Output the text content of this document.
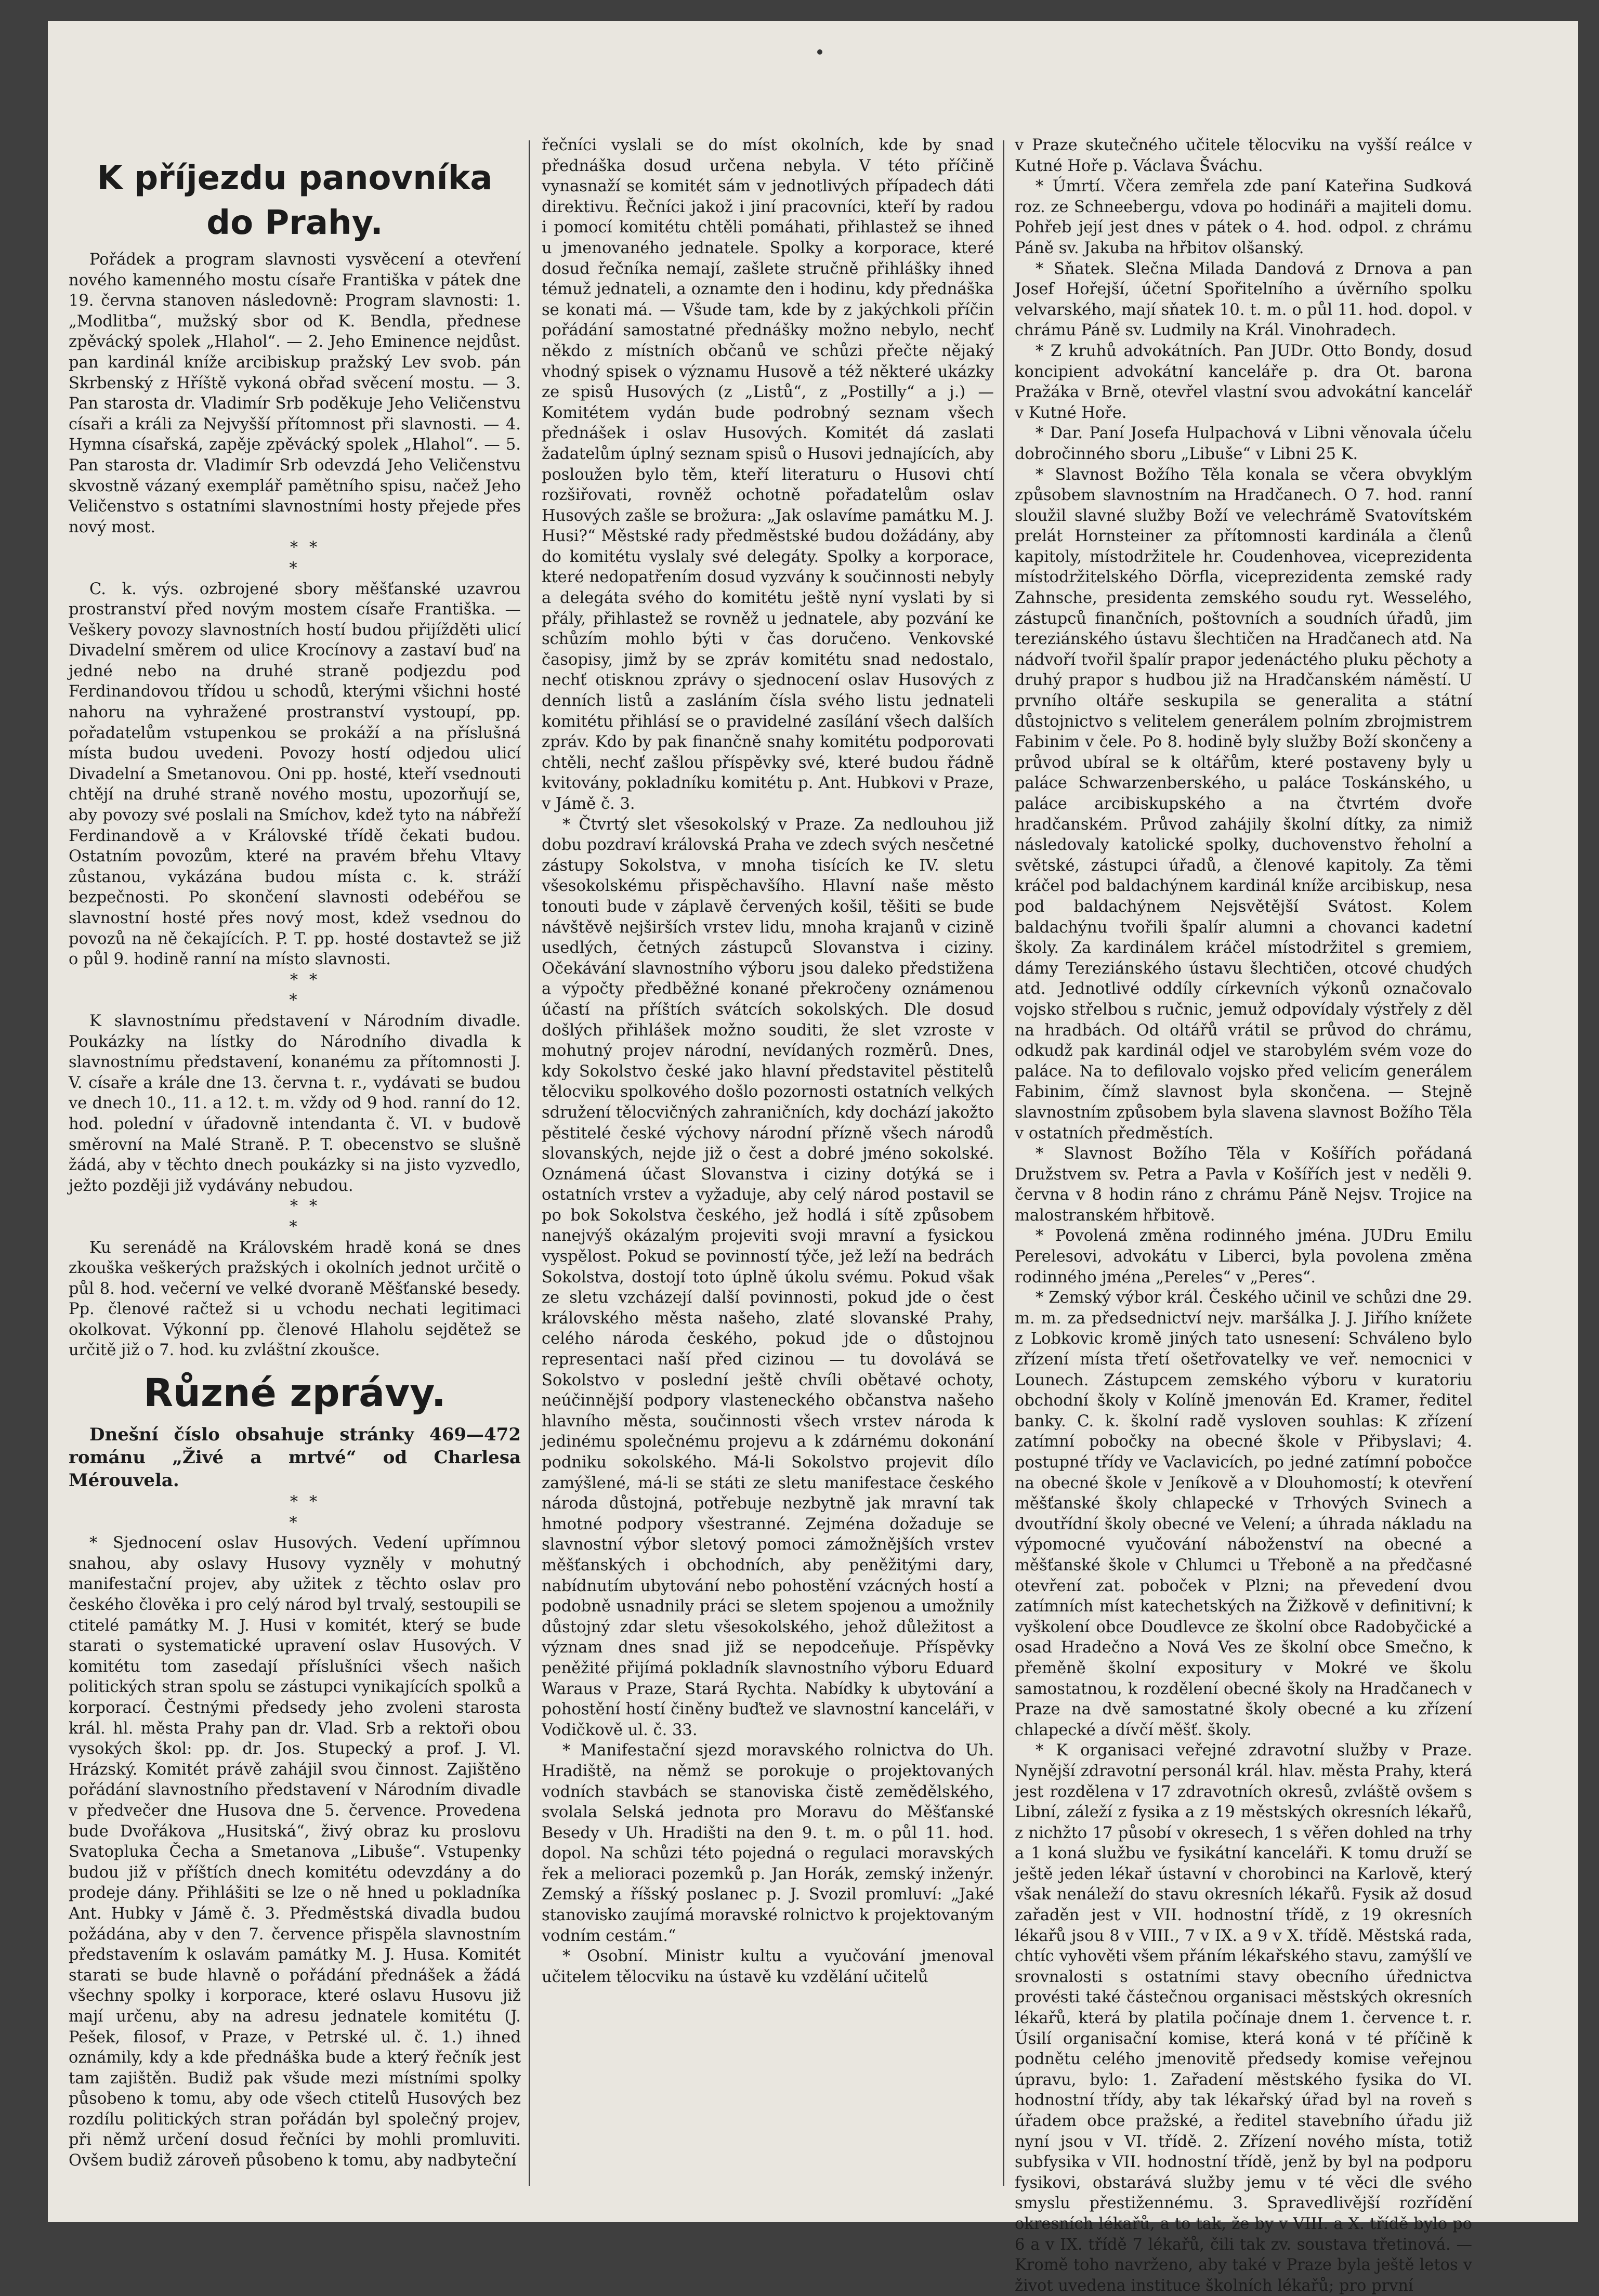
K příjezdu panovníka do Prahy.

Pořádek a program slavnosti vysvěcení a otevření nového kamenného mostu císaře Františka v pátek dne 19. června stanoven následovně: Program slavnosti: 1. „Modlitba“, mužský sbor od K. Bendla, přednese zpěvácký spolek „Hlahol“. — 2. Jeho Eminence nejdůst. pan kardinál kníže arcibiskup pražský Lev svob. pán Skrbenský z Hříště vykoná obřad svěcení mostu. — 3. Pan starosta dr. Vladimír Srb poděkuje Jeho Veličenstvu císaři a králi za Nejvyšší přítomnost při slavnosti. — 4. Hymna císařská, zapěje zpěvácký spolek „Hlahol“. — 5. Pan starosta dr. Vladimír Srb odevzdá Jeho Veličenstvu skvostně vázaný exemplář pamětního spisu, načež Jeho Veličenstvo s ostatními slavnostními hosty přejede přes nový most.

* *
*

C. k. výs. ozbrojené sbory měšťanské uzavrou prostranství před novým mostem císaře Františka. — Veškery povozy slavnostních hostí budou přijížděti ulicí Divadelní směrem od ulice Krocínovy a zastaví buď na jedné nebo na druhé straně podjezdu pod Ferdinandovou třídou u schodů, kterými všichni hosté nahoru na vyhražené prostranství vystoupí, pp. pořadatelům vstupenkou se prokáží a na příslušná místa budou uvedeni. Povozy hostí odjedou ulicí Divadelní a Smetanovou. Oni pp. hosté, kteří vsednouti chtějí na druhé straně nového mostu, upozorňují se, aby povozy své poslali na Smíchov, kdež tyto na nábřeží Ferdinandově a v Královské třídě čekati budou. Ostatním povozům, které na pravém břehu Vltavy zůstanou, vykázána budou místa c. k. stráží bezpečnosti. Po skončení slavnosti odebéřou se slavnostní hosté přes nový most, kdež vsednou do povozů na ně čekajících. P. T. pp. hosté dostavtež se již o půl 9. hodině ranní na místo slavnosti.

* *
*

K slavnostnímu představení v Národním divadle. Poukázky na lístky do Národního divadla k slavnostnímu představení, konanému za přítomnosti J. V. císaře a krále dne 13. června t. r., vydávati se budou ve dnech 10., 11. a 12. t. m. vždy od 9 hod. ranní do 12. hod. polední v úřadovně intendanta č. VI. v budově směrovní na Malé Straně. P. T. obecenstvo se slušně žádá, aby v těchto dnech poukázky si na jisto vyzvedlo, ježto později již vydávány nebudou.

* *
*

Ku serenádě na Královském hradě koná se dnes zkouška veškerých pražských i okolních jednot určitě o půl 8. hod. večerní ve velké dvoraně Měšťanské besedy. Pp. členové račtež si u vchodu nechati legitimaci okolkovat. Výkonní pp. členové Hlaholu sejdětež se určitě již o 7. hod. ku zvláštní zkoušce.

Různé zprávy.

Dnešní číslo obsahuje stránky 469—472 románu „Živé a mrtvé“ od Charlesa Mérouvela.

* *
*

* Sjednocení oslav Husových. Vedení upřímnou snahou, aby oslavy Husovy vyzněly v mohutný manifestační projev, aby užitek z těchto oslav pro českého člověka i pro celý národ byl trvalý, sestoupili se ctitelé památky M. J. Husi v komitét, který se bude starati o systematické upravení oslav Husových. V komitétu tom zasedají příslušníci všech našich politických stran spolu se zástupci vynikajících spolků a korporací. Čestnými předsedy jeho zvoleni starosta král. hl. města Prahy pan dr. Vlad. Srb a rektoři obou vysokých škol: pp. dr. Jos. Stupecký a prof. J. Vl. Hrázský. Komitét právě zahájil svou činnost. Zajištěno pořádání slavnostního představení v Národním divadle v předvečer dne Husova dne 5. července. Provedena bude Dvořákova „Husitská“, živý obraz ku proslovu Svatopluka Čecha a Smetanova „Libuše“. Vstupenky budou již v příštích dnech komitétu odevzdány a do prodeje dány. Přihlášiti se lze o ně hned u pokladníka Ant. Hubky v Jámě č. 3. Předměstská divadla budou požádána, aby v den 7. července přispěla slavnostním představením k oslavám památky M. J. Husa. Komitét starati se bude hlavně o pořádání přednášek a žádá všechny spolky i korporace, které oslavu Husovu již mají určenu, aby na adresu jednatele komitétu (J. Pešek, filosof, v Praze, v Petrské ul. č. 1.) ihned oznámily, kdy a kde přednáška bude a který řečník jest tam zajištěn. Budiž pak všude mezi místními spolky působeno k tomu, aby ode všech ctitelů Husových bez rozdílu politických stran pořádán byl společný projev, při němž určení dosud řečníci by mohli promluviti. Ovšem budiž zároveň působeno k tomu, aby nadbyteční

řečníci vyslali se do míst okolních, kde by snad přednáška dosud určena nebyla. V této příčině vynasnaží se komitét sám v jednotlivých případech dáti direktivu. Řečníci jakož i jiní pracovníci, kteří by radou i pomocí komitétu chtěli pomáhati, přihlastež se ihned u jmenovaného jednatele. Spolky a korporace, které dosud řečníka nemají, zašlete stručně přihlášky ihned témuž jednateli, a oznamte den i hodinu, kdy přednáška se konati má. — Všude tam, kde by z jakýchkoli příčin pořádání samostatné přednášky možno nebylo, nechť někdo z místních občanů ve schůzi přečte nějaký vhodný spisek o významu Husově a též některé ukázky ze spisů Husových (z „Listů“, z „Postilly“ a j.) — Komitétem vydán bude podrobný seznam všech přednášek i oslav Husových. Komitét dá zaslati žadatelům úplný seznam spisů o Husovi jednajících, aby posloužen bylo těm, kteří literaturu o Husovi chtí rozšiřovati, rovněž ochotně pořadatelům oslav Husových zašle se brožura: „Jak oslavíme památku M. J. Husi?“ Městské rady předměstské budou dožádány, aby do komitétu vyslaly své delegáty. Spolky a korporace, které nedopatřením dosud vyzvány k součinnosti nebyly a delegáta svého do komitétu ještě nyní vyslati by si přály, přihlastež se rovněž u jednatele, aby pozvání ke schůzím mohlo býti v čas doručeno. Venkovské časopisy, jimž by se zpráv komitétu snad nedostalo, nechť otisknou zprávy o sjednocení oslav Husových z denních listů a zasláním čísla svého listu jednateli komitétu přihlásí se o pravidelné zasílání všech dalších zpráv. Kdo by pak finančně snahy komitétu podporovati chtěli, nechť zašlou příspěvky své, které budou řádně kvitovány, pokladníku komitétu p. Ant. Hubkovi v Praze, v Jámě č. 3.

* Čtvrtý slet všesokolský v Praze. Za nedlouhou již dobu pozdraví královská Praha ve zdech svých nesčetné zástupy Sokolstva, v mnoha tisících ke IV. sletu všesokolskému přispěchavšího. Hlavní naše město tonouti bude v záplavě červených košil, těšiti se bude návštěvě nejširších vrstev lidu, mnoha krajanů v cizině usedlých, četných zástupců Slovanstva i ciziny. Očekávání slavnostního výboru jsou daleko předstižena a výpočty předběžné konané překročeny oznámenou účastí na příštích svátcích sokolských. Dle dosud došlých přihlášek možno souditi, že slet vzroste v mohutný projev národní, nevídaných rozměrů. Dnes, kdy Sokolstvo české jako hlavní představitel pěstitelů tělocviku spolkového došlo pozornosti ostatních velkých sdružení tělocvičných zahraničních, kdy dochází jakožto pěstitelé české výchovy národní přízně všech národů slovanských, nejde již o čest a dobré jméno sokolské. Oznámená účast Slovanstva i ciziny dotýká se i ostatních vrstev a vyžaduje, aby celý národ postavil se po bok Sokolstva českého, jež hodlá i sítě způsobem nanejvýš okázalým projeviti svoji mravní a fysickou vyspělost. Pokud se povinností týče, jež leží na bedrách Sokolstva, dostojí toto úplně úkolu svému. Pokud však ze sletu vzcházejí další povinnosti, pokud jde o čest královského města našeho, zlaté slovanské Prahy, celého národa českého, pokud jde o důstojnou representaci naší před cizinou — tu dovolává se Sokolstvo v poslední ještě chvíli obětavé ochoty, neúčinnější podpory vlasteneckého občanstva našeho hlavního města, součinnosti všech vrstev národa k jedinému společnému projevu a k zdárnému dokonání podniku sokolského. Má-li Sokolstvo projevit dílo zamýšlené, má-li se státi ze sletu manifestace českého národa důstojná, potřebuje nezbytně jak mravní tak hmotné podpory všestranné. Zejména dožaduje se slavnostní výbor sletový pomoci zámožnějších vrstev měšťanských i obchodních, aby peněžitými dary, nabídnutím ubytování nebo pohostění vzácných hostí a podobně usnadnily práci se sletem spojenou a umožnily důstojný zdar sletu všesokolského, jehož důležitost a význam dnes snad již se nepodceňuje. Příspěvky peněžité přijímá pokladník slavnostního výboru Eduard Waraus v Praze, Stará Rychta. Nabídky k ubytování a pohostění hostí činěny buďtež ve slavnostní kanceláři, v Vodičkově ul. č. 33.

* Manifestační sjezd moravského rolnictva do Uh. Hradiště, na němž se porokuje o projektovaných vodních stavbách se stanoviska čistě zemědělského, svolala Selská jednota pro Moravu do Měšťanské Besedy v Uh. Hradišti na den 9. t. m. o půl 11. hod. dopol. Na schůzi této pojedná o regulaci moravských řek a melioraci pozemků p. Jan Horák, zemský inženýr. Zemský a říšský poslanec p. J. Svozil promluví: „Jaké stanovisko zaujímá moravské rolnictvo k projektovaným vodním cestám.“

* Osobní. Ministr kultu a vyučování jmenoval učitelem tělocviku na ústavě ku vzdělání učitelů

v Praze skutečného učitele tělocviku na vyšší reálce v Kutné Hoře p. Václava Šváchu.

* Úmrtí. Včera zemřela zde paní Kateřina Sudková roz. ze Schneebergu, vdova po hodináři a majiteli domu. Pohřeb její jest dnes v pátek o 4. hod. odpol. z chrámu Páně sv. Jakuba na hřbitov olšanský.

* Sňatek. Slečna Milada Dandová z Drnova a pan Josef Hořejší, účetní Spořitelního a úvěrního spolku velvarského, mají sňatek 10. t. m. o půl 11. hod. dopol. v chrámu Páně sv. Ludmily na Král. Vinohradech.

* Z kruhů advokátních. Pan JUDr. Otto Bondy, dosud koncipient advokátní kanceláře p. dra Ot. barona Pražáka v Brně, otevřel vlastní svou advokátní kancelář v Kutné Hoře.

* Dar. Paní Josefa Hulpachová v Libni věnovala účelu dobročinného sboru „Libuše“ v Libni 25 K.

* Slavnost Božího Těla konala se včera obvyklým způsobem slavnostním na Hradčanech. O 7. hod. ranní sloužil slavné služby Boží ve velechrámě Svatovítském prelát Hornsteiner za přítomnosti kardinála a členů kapitoly, místodržitele hr. Coudenhovea, viceprezidenta místodržitelského Dörfla, viceprezidenta zemské rady Zahnsche, presidenta zemského soudu ryt. Wesselého, zástupců finančních, poštovních a soudních úřadů, jim tereziánského ústavu šlechtičen na Hradčanech atd. Na nádvoří tvořil špalír prapor jedenáctého pluku pěchoty a druhý prapor s hudbou již na Hradčanském náměstí. U prvního oltáře seskupila se generalita a státní důstojnictvo s velitelem generálem polním zbrojmistrem Fabinim v čele. Po 8. hodině byly služby Boží skončeny a průvod ubíral se k oltářům, které postaveny byly u paláce Schwarzenberského, u paláce Toskánského, u paláce arcibiskupského a na čtvrtém dvoře hradčanském. Průvod zahájily školní dítky, za nimiž následovaly katolické spolky, duchovenstvo řeholní a světské, zástupci úřadů, a členové kapitoly. Za těmi kráčel pod baldachýnem kardinál kníže arcibiskup, nesa pod baldachýnem Nejsvětější Svátost. Kolem baldachýnu tvořili špalír alumni a chovanci kadetní školy. Za kardinálem kráčel místodržitel s gremiem, dámy Tereziánského ústavu šlechtičen, otcové chudých atd. Jednotlivé oddíly církevních výkonů označovalo vojsko střelbou s ručnic, jemuž odpovídaly výstřely z děl na hradbách. Od oltářů vrátil se průvod do chrámu, odkudž pak kardinál odjel ve starobylém svém voze do paláce. Na to defilovalo vojsko před velicím generálem Fabinim, čímž slavnost byla skončena. — Stejně slavnostním způsobem byla slavena slavnost Božího Těla v ostatních předměstích.

* Slavnost Božího Těla v Košířích pořádaná Družstvem sv. Petra a Pavla v Košířích jest v neděli 9. června v 8 hodin ráno z chrámu Páně Nejsv. Trojice na malostranském hřbitově.

* Povolená změna rodinného jména. JUDru Emilu Perelesovi, advokátu v Liberci, byla povolena změna rodinného jména „Pereles“ v „Peres“.

* Zemský výbor král. Českého učinil ve schůzi dne 29. m. m. za předsednictví nejv. maršálka J. J. Jiřího knížete z Lobkovic kromě jiných tato usnesení: Schváleno bylo zřízení místa třetí ošetřovatelky ve veř. nemocnici v Lounech. Zástupcem zemského výboru v kuratoriu obchodní školy v Kolíně jmenován Ed. Kramer, ředitel banky. C. k. školní radě vysloven souhlas: K zřízení zatímní pobočky na obecné škole v Přibyslavi; 4. postupné třídy ve Vaclavicích, po jedné zatímní pobočce na obecné škole v Jeníkově a v Dlouhomostí; k otevření měšťanské školy chlapecké v Trhových Svinech a dvoutřídní školy obecné ve Velení; a úhrada nákladu na výpomocné vyučování náboženství na obecné a měšťanské škole v Chlumci u Třeboně a na předčasné otevření zat. poboček v Plzni; na převedení dvou zatímních míst katechetských na Žižkově v definitivní; k vyškolení obce Doudlevce ze školní obce Radobyčické a osad Hradečno a Nová Ves ze školní obce Smečno, k přeměně školní expositury v Mokré ve školu samostatnou, k rozdělení obecné školy na Hradčanech v Praze na dvě samostatné školy obecné a ku zřízení chlapecké a dívčí měšť. školy.

* K organisaci veřejné zdravotní služby v Praze. Nynější zdravotní personál král. hlav. města Prahy, která jest rozdělena v 17 zdravotních okresů, zvláště ovšem s Libní, záleží z fysika a z 19 městských okresních lékařů, z nichžto 17 působí v okresech, 1 s věřen dohled na trhy a 1 koná službu ve fysikátní kanceláři. K tomu druží se ještě jeden lékař ústavní v chorobinci na Karlově, který však nenáleží do stavu okresních lékařů. Fysik až dosud zařaděn jest v VII. hodnostní třídě, z 19 okresních lékařů jsou 8 v VIII., 7 v IX. a 9 v X. třídě. Městská rada, chtíc vyhověti všem přáním lékařského stavu, zamýšlí ve srovnalosti s ostatními stavy obecního úřednictva provésti také částečnou organisaci městských okresních lékařů, která by platila počínaje dnem 1. července t. r. Úsilí organisační komise, která koná v té příčině k podnětu celého jmenovitě předsedy komise veřejnou úpravu, bylo: 1. Zařadení městského fysika do VI. hodnostní třídy, aby tak lékařský úřad byl na roveň s úřadem obce pražské, a ředitel stavebního úřadu již nyní jsou v VI. třídě. 2. Zřízení nového místa, totiž subfysika v VII. hodnostní třídě, jenž by byl na podporu fysikovi, obstarává služby jemu v té věci dle svého smyslu přestižennému. 3. Spravedlivější rozřídění okresních lékařů, a to tak, že by v VIII. a X. třídě bylo po 6 a v IX. třídě 7 lékařů, čili tak zv. soustava třetinová. — Kromě toho navrženo, aby také v Praze byla ještě letos v život uvedena instituce školních lékařů; pro první
